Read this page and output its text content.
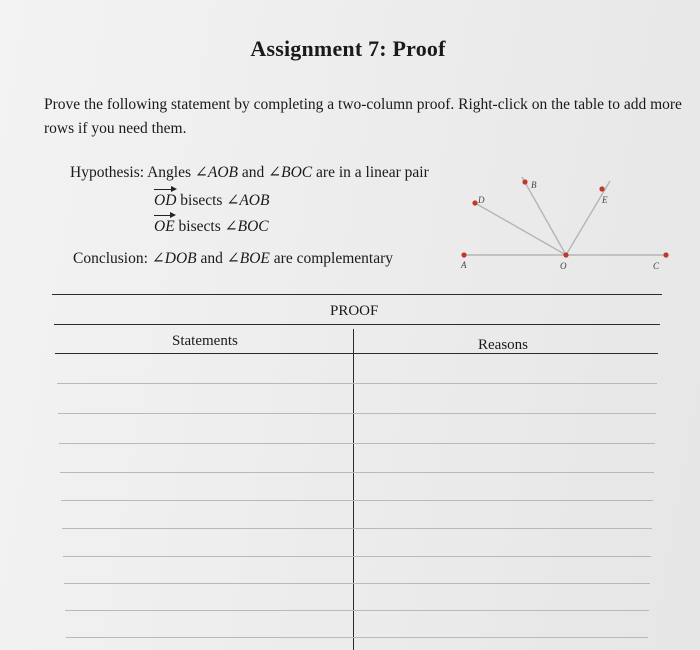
Assignment 7: Proof
Prove the following statement by completing a two-column proof. Right-click on the table to add more rows if you need them.
Hypothesis: Angles ∠AOB and ∠BOC are in a linear pair
OD bisects ∠AOB
OE bisects ∠BOC
Conclusion: ∠DOB and ∠BOE are complementary	A
D
B
O
E
C
PROOF
Statements	Reasons
